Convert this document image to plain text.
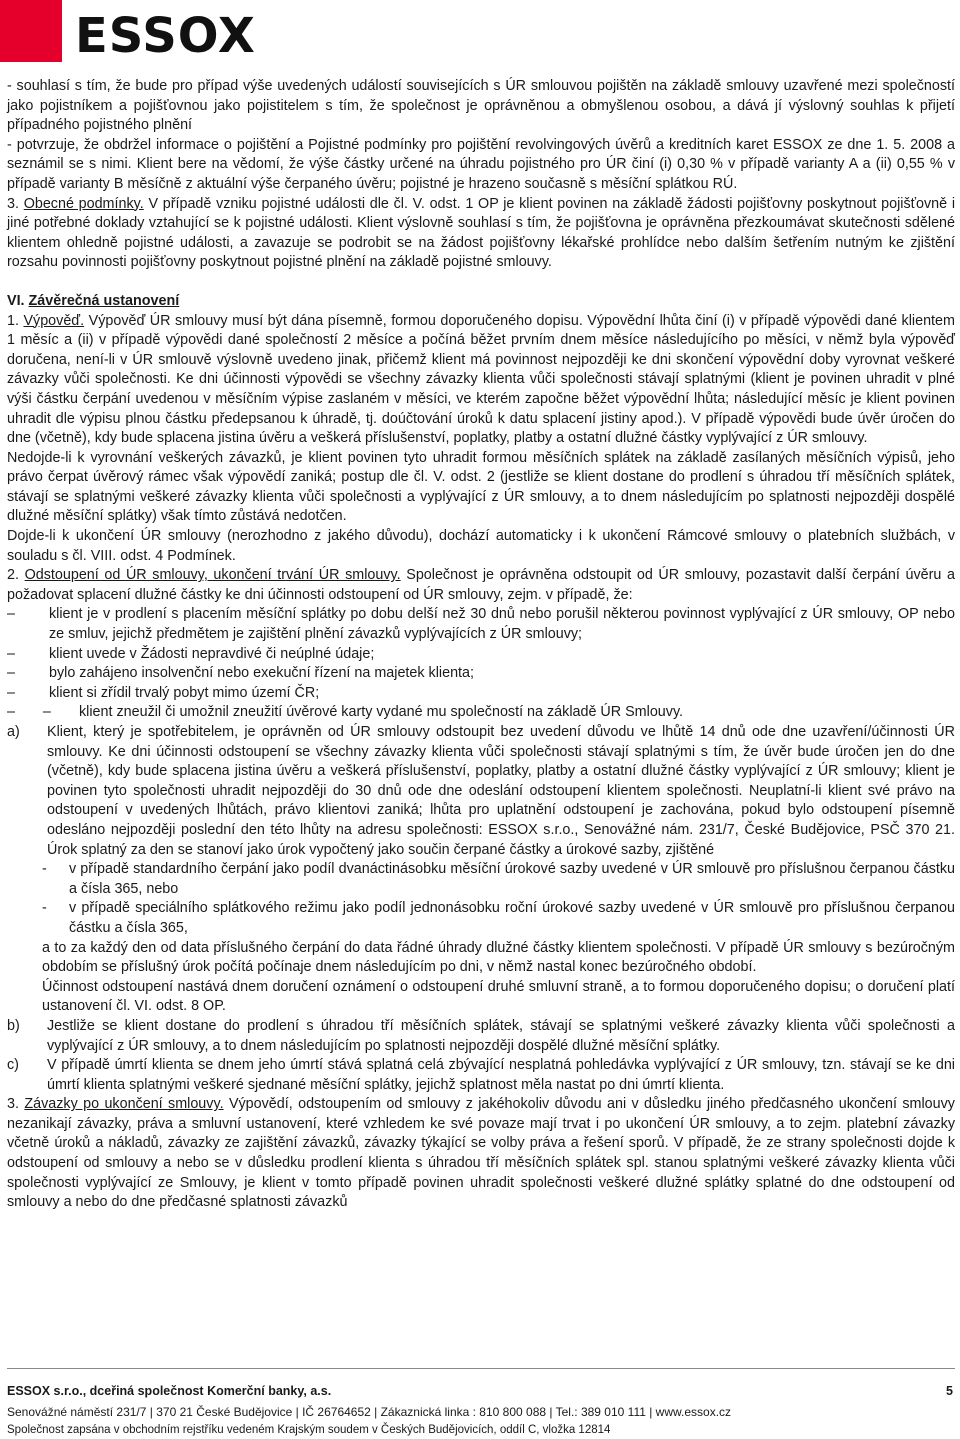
ESSOX

- souhlasí s tím, že bude pro případ výše uvedených událostí souvisejících s ÚR smlouvou pojištěn na základě smlouvy uzavřené mezi společností jako pojistníkem a pojišťovnou jako pojistitelem s tím, že společnost je oprávněnou a obmyšlenou osobou, a dává jí výslovný souhlas k přijetí případného pojistného plnění

- potvrzuje, že obdržel informace o pojištění a Pojistné podmínky pro pojištění revolvingových úvěrů a kreditních karet ESSOX ze dne 1. 5. 2008 a seznámil se s nimi. Klient bere na vědomí, že výše částky určené na úhradu pojistného pro ÚR činí (i) 0,30 % v případě varianty A a (ii) 0,55 % v případě varianty B měsíčně z aktuální výše čerpaného úvěru; pojistné je hrazeno současně s měsíční splátkou RÚ.

3. Obecné podmínky. V případě vzniku pojistné události dle čl. V. odst. 1 OP je klient povinen na základě žádosti pojišťovny poskytnout pojišťovně i jiné potřebné doklady vztahující se k pojistné události. Klient výslovně souhlasí s tím, že pojišťovna je oprávněna přezkoumávat skutečnosti sdělené klientem ohledně pojistné události, a zavazuje se podrobit se na žádost pojišťovny lékařské prohlídce nebo dalším šetřením nutným ke zjištění rozsahu povinnosti pojišťovny poskytnout pojistné plnění na základě pojistné smlouvy.

VI. Závěrečná ustanovení

1. Výpověď. Výpověď ÚR smlouvy musí být dána písemně, formou doporučeného dopisu. Výpovědní lhůta činí (i) v případě výpovědi dané klientem 1 měsíc a (ii) v případě výpovědi dané společností 2 měsíce a počíná běžet prvním dnem měsíce následujícího po měsíci, v němž byla výpověď doručena, není-li v ÚR smlouvě výslovně uvedeno jinak, přičemž klient má povinnost nejpozději ke dni skončení výpovědní doby vyrovnat veškeré závazky vůči společnosti. Ke dni účinnosti výpovědi se všechny závazky klienta vůči společnosti stávají splatnými (klient je povinen uhradit v plné výši částku čerpání uvedenou v měsíčním výpise zaslaném v měsíci, ve kterém započne běžet výpovědní lhůta; následující měsíc je klient povinen uhradit dle výpisu plnou částku předepsanou k úhradě, tj. doúčtování úroků k datu splacení jistiny apod.). V případě výpovědi bude úvěr úročen do dne (včetně), kdy bude splacena jistina úvěru a veškerá příslušenství, poplatky, platby a ostatní dlužné částky vyplývající z ÚR smlouvy.

Nedojde-li k vyrovnání veškerých závazků, je klient povinen tyto uhradit formou měsíčních splátek na základě zasílaných měsíčních výpisů, jeho právo čerpat úvěrový rámec však výpovědí zaniká; postup dle čl. V. odst. 2 (jestliže se klient dostane do prodlení s úhradou tří měsíčních splátek, stávají se splatnými veškeré závazky klienta vůči společnosti a vyplývající z ÚR smlouvy, a to dnem následujícím po splatnosti nejpozději dospělé dlužné měsíční splátky) však tímto zůstává nedotčen.

Dojde-li k ukončení ÚR smlouvy (nerozhodno z jakého důvodu), dochází automaticky i k ukončení Rámcové smlouvy o platebních službách, v souladu s čl. VIII. odst. 4 Podmínek.

2. Odstoupení od ÚR smlouvy, ukončení trvání ÚR smlouvy. Společnost je oprávněna odstoupit od ÚR smlouvy, pozastavit další čerpání úvěru a požadovat splacení dlužné částky ke dni účinnosti odstoupení od ÚR smlouvy, zejm. v případě, že:

–	klient je v prodlení s placením měsíční splátky po dobu delší než 30 dnů nebo porušil některou povinnost vyplývající z ÚR smlouvy, OP nebo ze smluv, jejichž předmětem je zajištění plnění závazků vyplývajících z ÚR smlouvy;
–	klient uvede v Žádosti nepravdivé či neúplné údaje;
–	bylo zahájeno insolvenční nebo exekuční řízení na majetek klienta;
–	klient si zřídil trvalý pobyt mimo území ČR;
– –	klient zneužil či umožnil zneužití úvěrové karty vydané mu společností na základě ÚR Smlouvy.
a)	Klient, který je spotřebitelem, je oprávněn od ÚR smlouvy odstoupit bez uvedení důvodu ve lhůtě 14 dnů ode dne uzavření/účinnosti ÚR smlouvy. Ke dni účinnosti odstoupení se všechny závazky klienta vůči společnosti stávají splatnými s tím, že úvěr bude úročen jen do dne (včetně), kdy bude splacena jistina úvěru a veškerá příslušenství, poplatky, platby a ostatní dlužné částky vyplývající z ÚR smlouvy; klient je povinen tyto společnosti uhradit nejpozději do 30 dnů ode dne odeslání odstoupení klientem společnosti. Neuplatní-li klient své právo na odstoupení v uvedených lhůtách, právo klientovi zaniká; lhůta pro uplatnění odstoupení je zachována, pokud bylo odstoupení písemně odesláno nejpozději poslední den této lhůty na adresu společnosti: ESSOX s.r.o., Senovážné nám. 231/7, České Budějovice, PSČ 370 21. Úrok splatný za den se stanoví jako úrok vypočtený jako součin čerpané částky a úrokové sazby, zjištěné
-	v případě standardního čerpání jako podíl dvanáctinásobku měsíční úrokové sazby uvedené v ÚR smlouvě pro příslušnou čerpanou částku a čísla 365, nebo
-	v případě speciálního splátkového režimu jako podíl jednonásobku roční úrokové sazby uvedené v ÚR smlouvě pro příslušnou čerpanou částku a čísla 365,

a to za každý den od data příslušného čerpání do data řádné úhrady dlužné částky klientem společnosti. V případě ÚR smlouvy s bezúročným obdobím se příslušný úrok počítá počínaje dnem následujícím po dni, v němž nastal konec bezúročného období.

Účinnost odstoupení nastává dnem doručení oznámení o odstoupení druhé smluvní straně, a to formou doporučeného dopisu; o doručení platí ustanovení čl. VI. odst. 8 OP.

b)	Jestliže se klient dostane do prodlení s úhradou tří měsíčních splátek, stávají se splatnými veškeré závazky klienta vůči společnosti a vyplývající z ÚR smlouvy, a to dnem následujícím po splatnosti nejpozději dospělé dlužné měsíční splátky.
c)	V případě úmrtí klienta se dnem jeho úmrtí stává splatná celá zbývající nesplatná pohledávka vyplývající z ÚR smlouvy, tzn. stávají se ke dni úmrtí klienta splatnými veškeré sjednané měsíční splátky, jejichž splatnost měla nastat po dni úmrtí klienta.

3. Závazky po ukončení smlouvy. Výpovědí, odstoupením od smlouvy z jakéhokoliv důvodu ani v důsledku jiného předčasného ukončení smlouvy nezanikají závazky, práva a smluvní ustanovení, které vzhledem ke své povaze mají trvat i po ukončení ÚR smlouvy, a to zejm. platební závazky včetně úroků a nákladů, závazky ze zajištění závazků, závazky týkající se volby práva a řešení sporů. V případě, že ze strany společnosti dojde k odstoupení od smlouvy a nebo se v důsledku prodlení klienta s úhradou tří měsíčních splátek spl. stanou splatnými veškeré závazky klienta vůči společnosti vyplývající ze Smlouvy, je klient v tomto případě povinen uhradit společnosti veškeré dlužné splátky splatné do dne odstoupení od smlouvy a nebo do dne předčasné splatnosti závazků

ESSOX s.r.o., dceřiná společnost Komerční banky, a.s.	5
Senovážné náměstí 231/7 | 370 21 České Budějovice | IČ 26764652 | Zákaznická linka : 810 800 088 | Tel.: 389 010 111 | www.essox.cz
Společnost zapsána v obchodním rejstříku vedeném Krajským soudem v Českých Budějovicích, oddíl C, vložka 12814
